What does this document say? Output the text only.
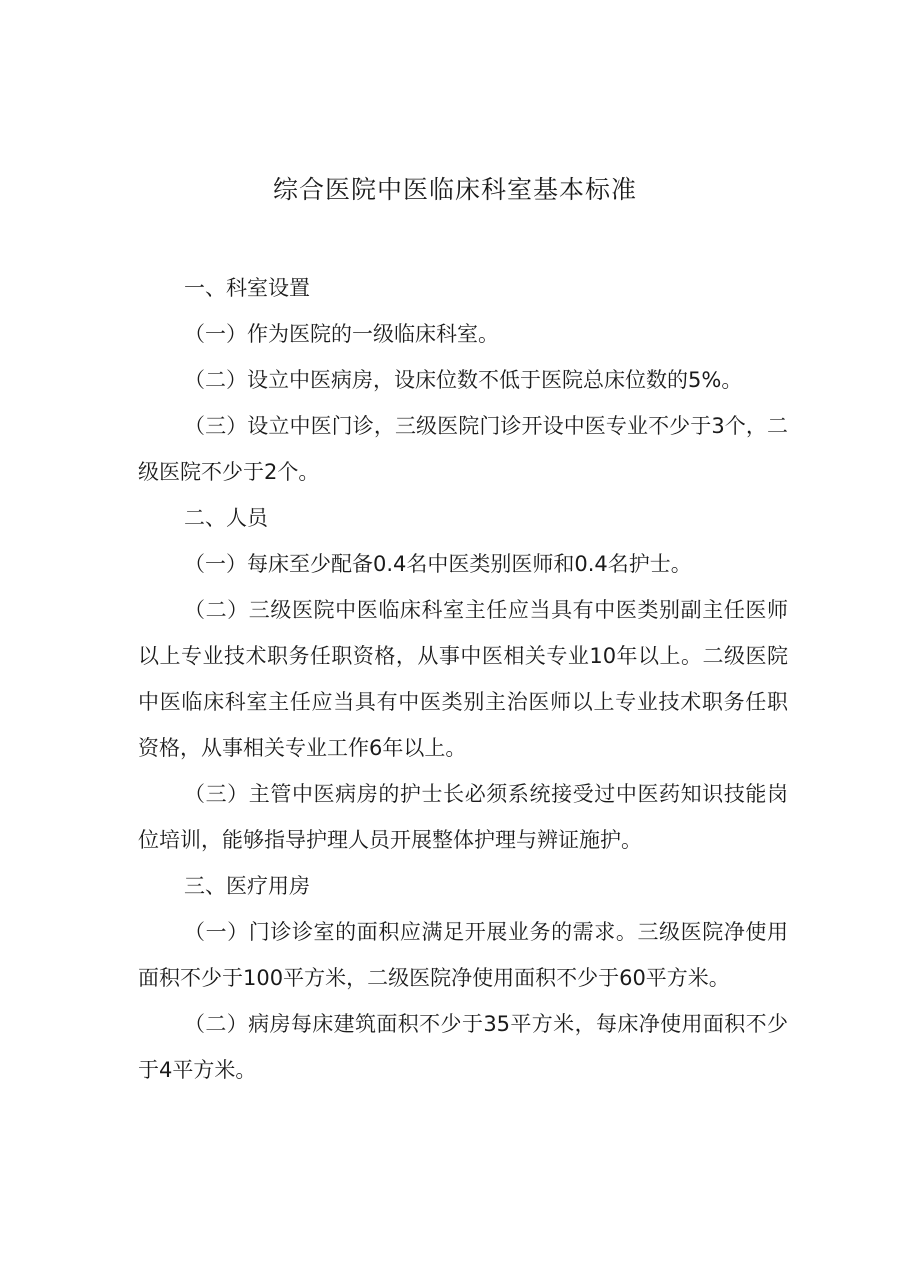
综合医院中医临床科室基本标准

一、科室设置

（一）作为医院的一级临床科室。

（二）设立中医病房，设床位数不低于医院总床位数的5%。

（三）设立中医门诊，三级医院门诊开设中医专业不少于3个，二级医院不少于2个。

二、人员

（一）每床至少配备0.4名中医类别医师和0.4名护士。

（二）三级医院中医临床科室主任应当具有中医类别副主任医师以上专业技术职务任职资格，从事中医相关专业10年以上。二级医院中医临床科室主任应当具有中医类别主治医师以上专业技术职务任职资格，从事相关专业工作6年以上。

（三）主管中医病房的护士长必须系统接受过中医药知识技能岗位培训，能够指导护理人员开展整体护理与辨证施护。

三、医疗用房

（一）门诊诊室的面积应满足开展业务的需求。三级医院净使用面积不少于100平方米，二级医院净使用面积不少于60平方米。

（二）病房每床建筑面积不少于35平方米，每床净使用面积不少于4平方米。
